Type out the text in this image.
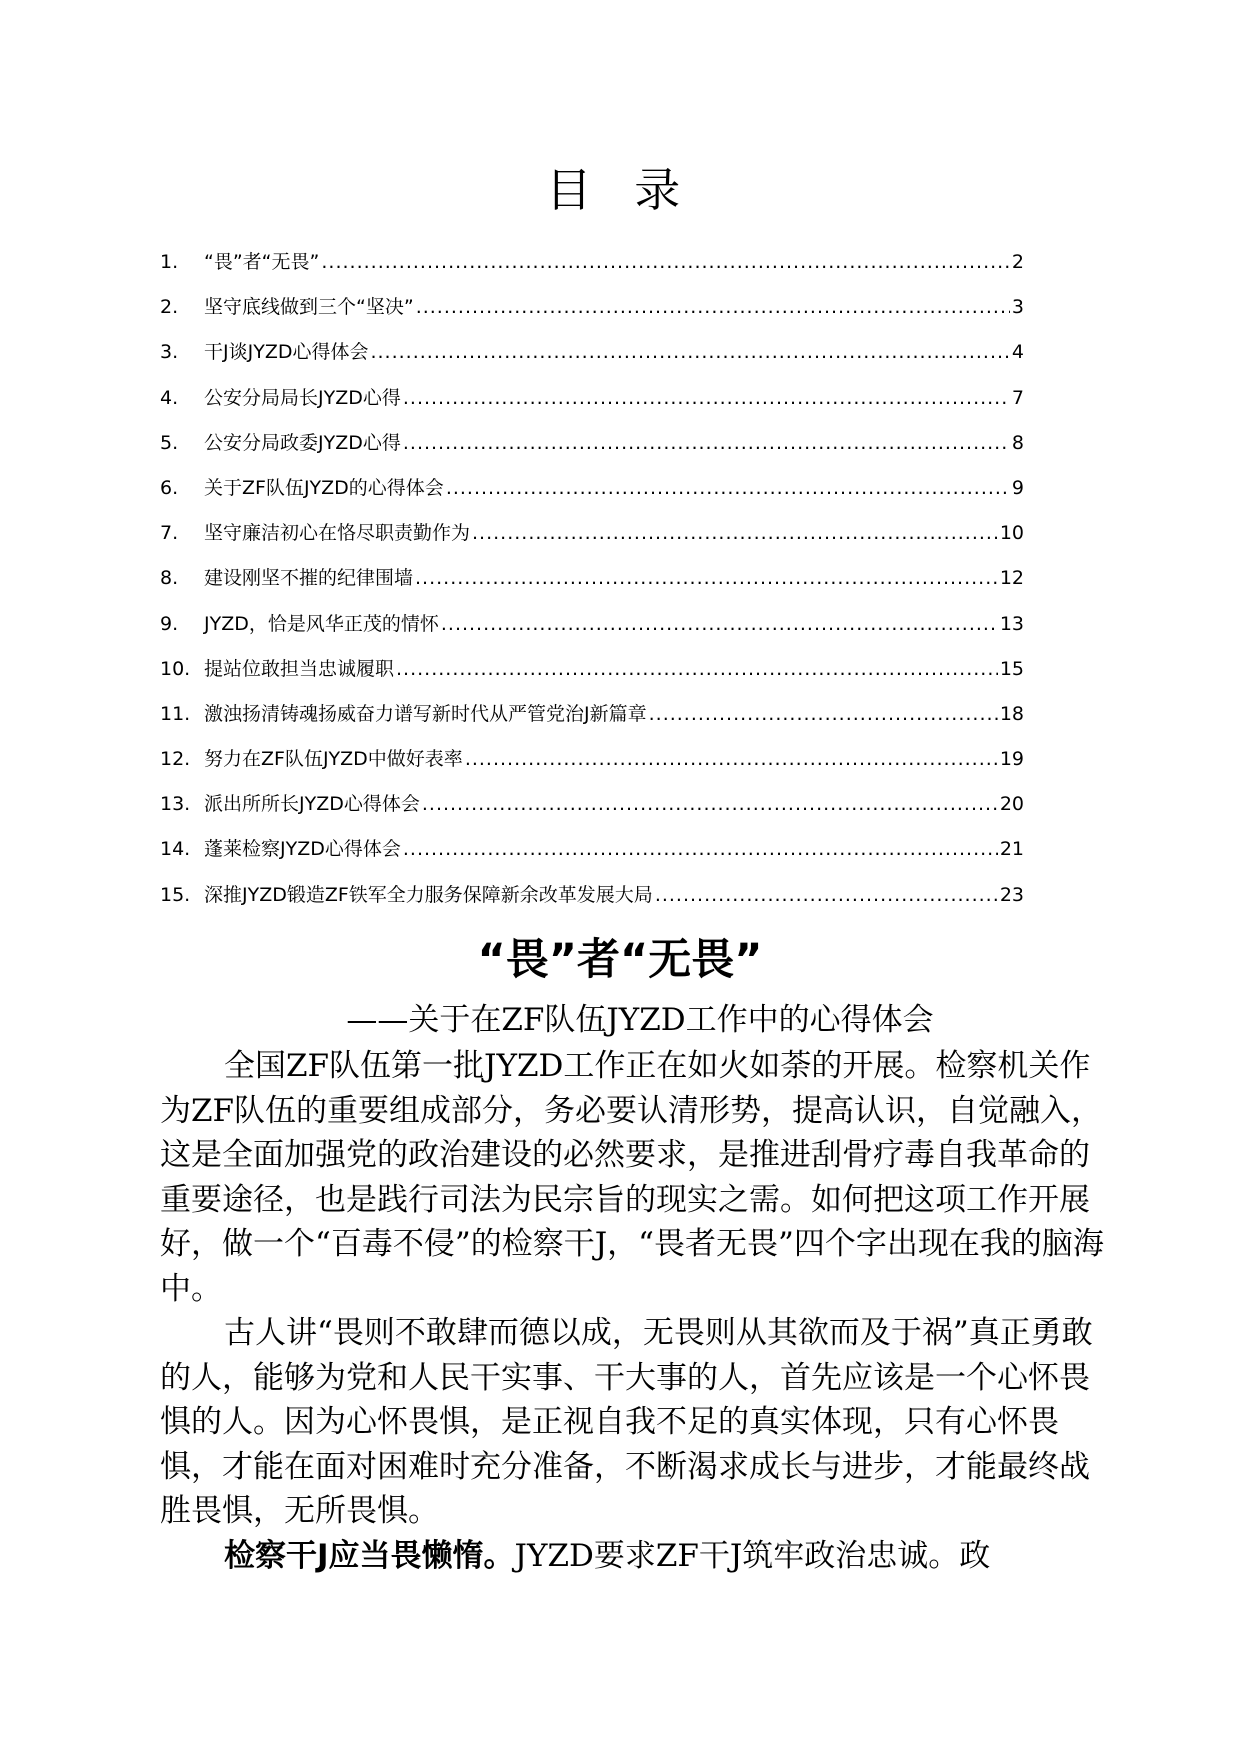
目 录
1.	“畏”者“无畏” .....	2
2.	坚守底线做到三个“坚决” .....	3
3.	干J谈JYZD心得体会 .....	4
4.	公安分局局长JYZD心得 .....	7
5.	公安分局政委JYZD心得 .....	8
6.	关于ZF队伍JYZD的心得体会 .....	9
7.	坚守廉洁初心在恪尽职责勤作为 .....	10
8.	建设刚坚不摧的纪律围墙 .....	12
9.	JYZD，恰是风华正茂的情怀 .....	13
10. 提站位敢担当忠诚履职 .....	15
11. 激浊扬清铸魂扬威奋力谱写新时代从严管党治J新篇章 .....	18
12. 努力在ZF队伍JYZD中做好表率 .....	19
13. 派出所所长JYZD心得体会 .....	20
14. 蓬莱检察JYZD心得体会 .....	21
15. 深推JYZD锻造ZF铁军全力服务保障新余改革发展大局 .....	23
“畏”者“无畏”
——关于在ZF队伍JYZD工作中的心得体会

全国ZF队伍第一批JYZD工作正在如火如荼的开展。检察机关作为ZF队伍的重要组成部分，务必要认清形势，提高认识，自觉融入，这是全面加强党的政治建设的必然要求，是推进刮骨疗毒自我革命的重要途径，也是践行司法为民宗旨的现实之需。如何把这项工作开展好，做一个“百毒不侵”的检察干J，“畏者无畏”四个字出现在我的脑海中。

古人讲“畏则不敢肆而德以成，无畏则从其欲而及于祸”真正勇敢的人，能够为党和人民干实事、干大事的人，首先应该是一个心怀畏惧的人。因为心怀畏惧，是正视自我不足的真实体现，只有心怀畏惧，才能在面对困难时充分准备，不断渴求成长与进步，才能最终战胜畏惧，无所畏惧。

检察干J应当畏懒惰。JYZD要求ZF干J筑牢政治忠诚。政
